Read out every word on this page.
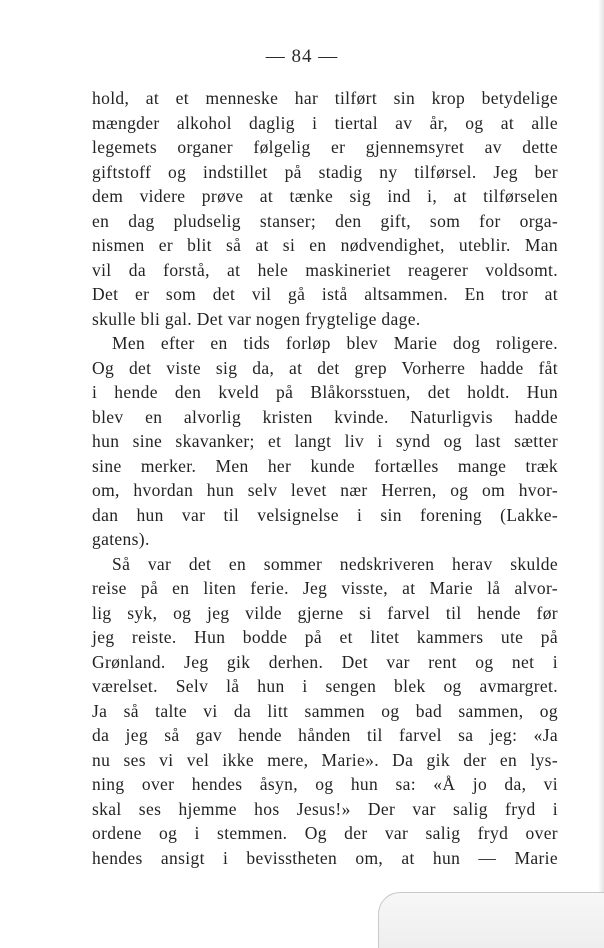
— 84 —
hold, at et menneske har tilført sin krop betydelige
mængder alkohol daglig i tiertal av år, og at alle
legemets organer følgelig er gjennemsyret av dette
giftstoff og indstillet på stadig ny tilførsel. Jeg ber
dem videre prøve at tænke sig ind i, at tilførselen
en dag pludselig stanser; den gift, som for orga-
nismen er blit så at si en nødvendighet, uteblir. Man
vil da forstå, at hele maskineriet reagerer voldsomt.
Det er som det vil gå istå altsammen. En tror at
skulle bli gal. Det var nogen frygtelige dage.
Men efter en tids forløp blev Marie dog roligere.
Og det viste sig da, at det grep Vorherre hadde fåt
i hende den kveld på Blåkorsstuen, det holdt. Hun
blev en alvorlig kristen kvinde. Naturligvis hadde
hun sine skavanker; et langt liv i synd og last sætter
sine merker. Men her kunde fortælles mange træk
om, hvordan hun selv levet nær Herren, og om hvor-
dan hun var til velsignelse i sin forening (Lakke-
gatens).
Så var det en sommer nedskriveren herav skulde
reise på en liten ferie. Jeg visste, at Marie lå alvor-
lig syk, og jeg vilde gjerne si farvel til hende før
jeg reiste. Hun bodde på et litet kammers ute på
Grønland. Jeg gik derhen. Det var rent og net i
værelset. Selv lå hun i sengen blek og avmargret.
Ja så talte vi da litt sammen og bad sammen, og
da jeg så gav hende hånden til farvel sa jeg: «Ja
nu ses vi vel ikke mere, Marie». Da gik der en lys-
ning over hendes åsyn, og hun sa: «Å jo da, vi
skal ses hjemme hos Jesus!» Der var salig fryd i
ordene og i stemmen. Og der var salig fryd over
hendes ansigt i bevisstheten om, at hun — Marie
